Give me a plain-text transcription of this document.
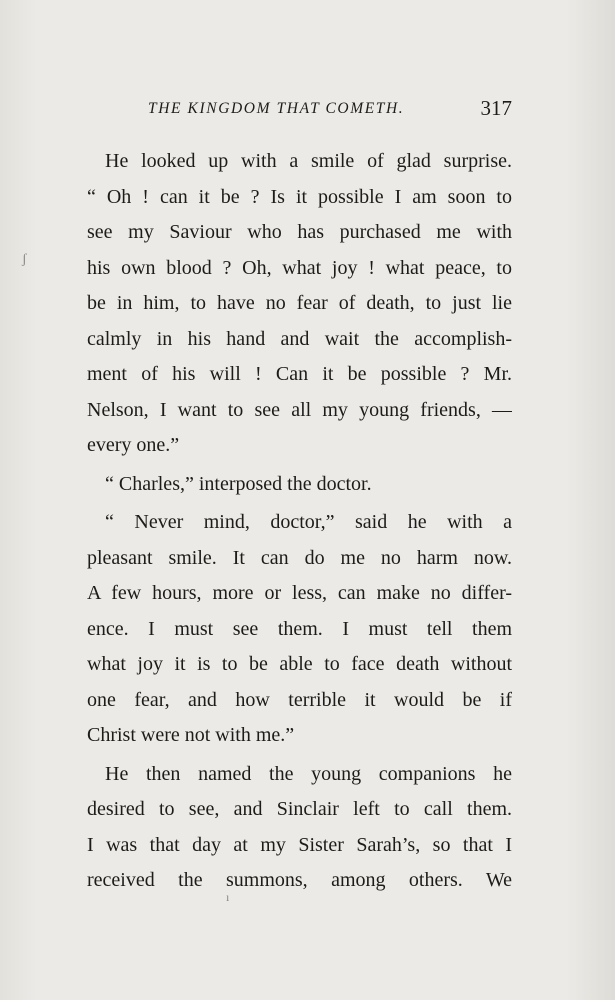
THE KINGDOM THAT COMETH.	317
He looked up with a smile of glad surprise.
“ Oh ! can it be ? Is it possible I am soon to
see my Saviour who has purchased me with
his own blood ? Oh, what joy ! what peace, to
be in him, to have no fear of death, to just lie
calmly in his hand and wait the accomplish-
ment of his will ! Can it be possible ? Mr.
Nelson, I want to see all my young friends, —
every one.”
“ Charles,” interposed the doctor.
“ Never mind, doctor,” said he with a
pleasant smile. It can do me no harm now.
A few hours, more or less, can make no differ-
ence. I must see them. I must tell them
what joy it is to be able to face death without
one fear, and how terrible it would be if
Christ were not with me.”
He then named the young companions he
desired to see, and Sinclair left to call them.
I was that day at my Sister Sarah’s, so that I
received the summons, among others. We
ʃ
ı
